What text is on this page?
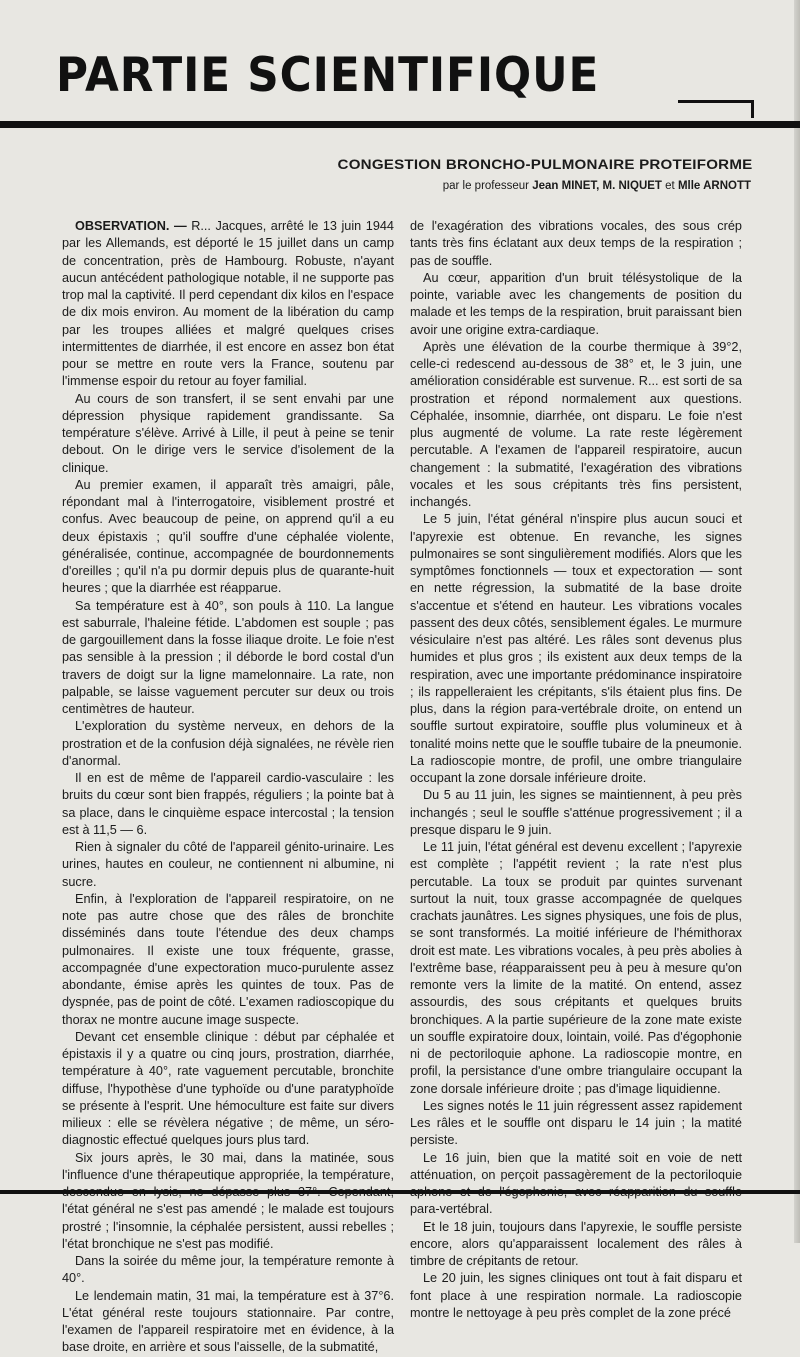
PARTIE SCIENTIFIQUE
CONGESTION BRONCHO-PULMONAIRE PROTEIFORME

par le professeur Jean MINET, M. NIQUET et Mlle ARNOTT

OBSERVATION. — R... Jacques, arrêté le 13 juin 1944 par les Allemands, est déporté le 15 juillet dans un camp de concentration, près de Hambourg. Robuste, n'ayant aucun antécédent pathologique notable, il ne supporte pas trop mal la captivité. Il perd cependant dix kilos en l'espace de dix mois environ. Au moment de la libération du camp par les troupes alliées et malgré quelques crises intermittentes de diarrhée, il est encore en assez bon état pour se mettre en route vers la France, soutenu par l'immense espoir du retour au foyer familial.

Au cours de son transfert, il se sent envahi par une dépression physique rapidement grandissante. Sa température s'élève. Arrivé à Lille, il peut à peine se tenir debout. On le dirige vers le service d'isolement de la clinique.

Au premier examen, il apparaît très amaigri, pâle, répondant mal à l'interrogatoire, visiblement prostré et confus. Avec beaucoup de peine, on apprend qu'il a eu deux épistaxis ; qu'il souffre d'une céphalée violente, généralisée, continue, accompagnée de bourdonnements d'oreilles ; qu'il n'a pu dormir depuis plus de quarante-huit heures ; que la diarrhée est réapparue.

Sa température est à 40°, son pouls à 110. La langue est saburrale, l'haleine fétide. L'abdomen est souple ; pas de gargouillement dans la fosse iliaque droite. Le foie n'est pas sensible à la pression ; il déborde le bord costal d'un travers de doigt sur la ligne mamelonnaire. La rate, non palpable, se laisse vaguement percuter sur deux ou trois centimètres de hauteur.

L'exploration du système nerveux, en dehors de la prostration et de la confusion déjà signalées, ne révèle rien d'anormal.

Il en est de même de l'appareil cardio-vasculaire : les bruits du cœur sont bien frappés, réguliers ; la pointe bat à sa place, dans le cinquième espace intercostal ; la tension est à 11,5 — 6.

Rien à signaler du côté de l'appareil génito-urinaire. Les urines, hautes en couleur, ne contiennent ni albumine, ni sucre.

Enfin, à l'exploration de l'appareil respiratoire, on ne note pas autre chose que des râles de bronchite disséminés dans toute l'étendue des deux champs pulmonaires. Il existe une toux fréquente, grasse, accompagnée d'une expectoration muco-purulente assez abondante, émise après les quintes de toux. Pas de dyspnée, pas de point de côté. L'examen radioscopique du thorax ne montre aucune image suspecte.

Devant cet ensemble clinique : début par céphalée et épistaxis il y a quatre ou cinq jours, prostration, diarrhée, température à 40°, rate vaguement percutable, bronchite diffuse, l'hypothèse d'une typhoïde ou d'une paratyphoïde se présente à l'esprit. Une hémoculture est faite sur divers milieux : elle se révèlera négative ; de même, un séro-diagnostic effectué quelques jours plus tard.

Six jours après, le 30 mai, dans la matinée, sous l'influence d'une thérapeutique appropriée, la température, l'état général ne s'est pas amendé ; le malade est toujours prostré ; l'insomnie, la céphalée persistent, aussi rebelles ; l'état bronchique ne s'est pas modifié.

Dans la soirée du même jour, la température remonte à 40°.

Le lendemain matin, 31 mai, la température est à 37°6. L'état général reste toujours stationnaire. Par contre, l'examen de l'appareil respiratoire met en évidence, à la base droite, en arrière et sous l'aisselle, de la submatité,

de l'exagération des vibrations vocales, des sous crép tants très fins éclatant aux deux temps de la respiration ; pas de souffle.

Au cœur, apparition d'un bruit télésystolique de la pointe, variable avec les changements de position du malade et les temps de la respiration, bruit paraissant bien avoir une origine extra-cardiaque.

Après une élévation de la courbe thermique à 39°2, celle-ci redescend au-dessous de 38° et, le 3 juin, une amélioration considérable est survenue. R... est sorti de sa prostration et répond normalement aux questions. Céphalée, insomnie, diarrhée, ont disparu. Le foie n'est plus augmenté de volume. La rate reste légèrement percutable. A l'examen de l'appareil respiratoire, aucun changement : la submatité, l'exagération des vibrations vocales et les sous crépitants très fins persistent, inchangés.

Le 5 juin, l'état général n'inspire plus aucun souci et l'apyrexie est obtenue. En revanche, les signes pulmonaires se sont singulièrement modifiés. Alors que les symptômes fonctionnels — toux et expectoration — sont en nette régression, la submatité de la base droite s'accentue et s'étend en hauteur. Les vibrations vocales passent des deux côtés, sensiblement égales. Le murmure vésiculaire n'est pas altéré. Les râles sont devenus plus humides et plus gros ; ils existent aux deux temps de la respiration, avec une importante prédominance inspiratoire ; ils rappelleraient les crépitants, s'ils étaient plus fins. De plus, dans la région para-vertébrale droite, on entend un souffle surtout expiratoire, souffle plus volumineux et à tonalité moins nette que le souffle tubaire de la pneumonie. La radioscopie montre, de profil, une ombre triangulaire occupant la zone dorsale inférieure droite.

Du 5 au 11 juin, les signes se maintiennent, à peu près inchangés ; seul le souffle s'atténue progressivement ; il a presque disparu le 9 juin.

Le 11 juin, l'état général est devenu excellent ; l'apyrexie est complète ; l'appétit revient ; la rate n'est plus percutable. La toux se produit par quintes survenant surtout la nuit, toux grasse accompagnée de quelques crachats jaunâtres. Les signes physiques, une fois de plus, se sont transformés. La moitié inférieure de l'hémithorax droit est mate. Les vibrations vocales, à peu près abolies à l'extrême base, réapparaissent peu à peu à mesure qu'on remonte vers la limite de la matité. On entend, assez assourdis, des sous crépitants et quelques bruits bronchiques. A la partie supérieure de la zone mate existe un souffle expiratoire doux, lointain, voilé. Pas d'égophonie ni de pectoriloquie aphone. La radioscopie montre, en profil, la persistance d'une ombre triangulaire occupant la zone dorsale inférieure droite ; pas d'image liquidienne.

Les signes notés le 11 juin régressent assez rapidement Les râles et le souffle ont disparu le 14 juin ; la matité persiste.

Le 16 juin, bien que la matité soit en voie de nett atténuation, on perçoit passagèrement de la pectoriloquie para-vertébral.

Et le 18 juin, toujours dans l'apyrexie, le souffle persiste encore, alors qu'apparaissent localement des râles à timbre de crépitants de retour.

Le 20 juin, les signes cliniques ont tout à fait disparu et font place à une respiration normale. La radioscopie montre le nettoyage à peu près complet de la zone précé
